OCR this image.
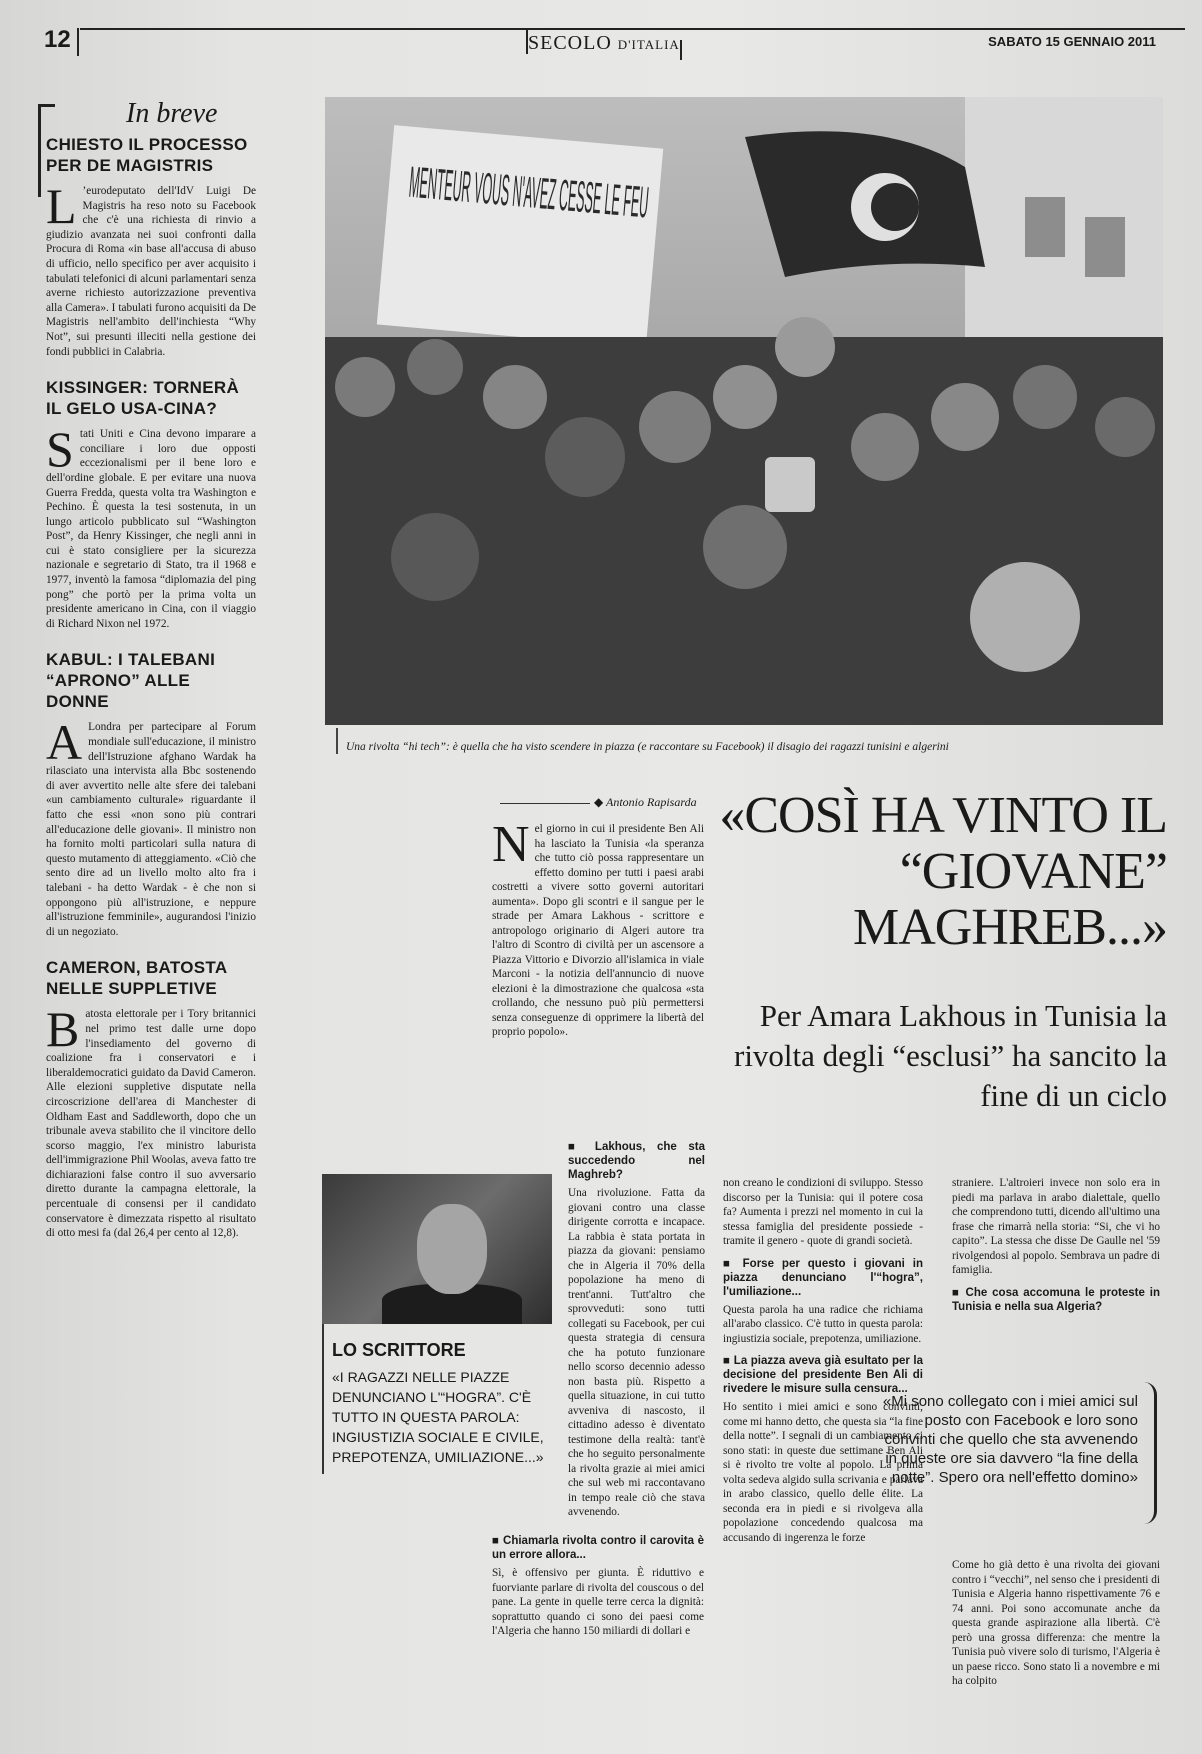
12	SECOLO D'ITALIA	SABATO 15 GENNAIO 2011
In breve
CHIESTO IL PROCESSO PER DE MAGISTRIS

L ’eurodeputato dell'IdV Luigi De Magistris ha reso noto su Facebook che c'è una richiesta di rinvio a giudizio avanzata nei suoi confronti dalla Procura di Roma «in base all'accusa di abuso di ufficio, nello specifico per aver acquisito i tabulati telefonici di alcuni parlamentari senza averne richiesto autorizzazione preventiva alla Camera». I tabulati furono acquisiti da De Magistris nell'ambito dell'inchiesta “Why Not”, sui presunti illeciti nella gestione dei fondi pubblici in Calabria.

KISSINGER: TORNERÀ IL GELO USA-CINA?

Stati Uniti e Cina devono imparare a conciliare i loro due opposti eccezionalismi per il bene loro e dell'ordine globale. E per evitare una nuova Guerra Fredda, questa volta tra Washington e Pechino. È questa la tesi sostenuta, in un lungo articolo pubblicato sul “Washington Post”, da Henry Kissinger, che negli anni in cui è stato consigliere per la sicurezza nazionale e segretario di Stato, tra il 1968 e 1977, inventò la famosa “diplomazia del ping pong” che portò per la prima volta un presidente americano in Cina, con il viaggio di Richard Nixon nel 1972.

KABUL: I TALEBANI “APRONO” ALLE DONNE

A Londra per partecipare al Forum mondiale sull'educazione, il ministro dell'Istruzione afghano Wardak ha rilasciato una intervista alla Bbc sostenendo di aver avvertito nelle alte sfere dei talebani «un cambiamento culturale» riguardante il fatto che essi «non sono più contrari all'educazione delle giovani». Il ministro non ha fornito molti particolari sulla natura di questo mutamento di atteggiamento. «Ciò che sento dire ad un livello molto alto fra i talebani - ha detto Wardak - è che non si oppongono più all'istruzione, e neppure all'istruzione femminile», augurandosi l'inizio di un negoziato.

CAMERON, BATOSTA NELLE SUPPLETIVE

Batosta elettorale per i Tory britannici nel primo test dalle urne dopo l'insediamento del governo di coalizione fra i conservatori e i liberaldemocratici guidato da David Cameron. Alle elezioni suppletive disputate nella circoscrizione dell'area di Manchester di Oldham East and Saddleworth, dopo che un tribunale aveva stabilito che il vincitore dello scorso maggio, l'ex ministro laburista dell'immigrazione Phil Woolas, aveva fatto tre dichiarazioni false contro il suo avversario diretto durante la campagna elettorale, la percentuale di consensi per il candidato conservatore è dimezzata rispetto al risultato di otto mesi fa (dal 26,4 per cento al 12,8).

Una rivolta “hi tech”: è quella che ha visto scendere in piazza (e raccontare su Facebook) il disagio dei ragazzi tunisini e algerini
◆ Antonio Rapisarda «COSÌ HA VINTO IL “GIOVANE” MAGHREB...»
Per Amara Lakhous in Tunisia la rivolta degli “esclusi” ha sancito la fine di un ciclo

Nel giorno in cui il presidente Ben Ali ha lasciato la Tunisia «la speranza che tutto ciò possa rappresentare un effetto domino per tutti i paesi arabi costretti a vivere sotto governi autoritari aumenta». Dopo gli scontri e il sangue per le strade per Amara Lakhous - scrittore e antropologo originario di Algeri autore tra l'altro di Scontro di civiltà per un ascensore a Piazza Vittorio e Divorzio all'islamica in viale Marconi - la notizia dell'annuncio di nuove elezioni è la dimostrazione che qualcosa «sta crollando, che nessuno può più permettersi senza conseguenze di opprimere la libertà del proprio popolo».

■ Lakhous, che sta succedendo nel Maghreb?

Una rivoluzione. Fatta da giovani contro una classe dirigente corrotta e incapace. La rabbia è stata portata in piazza da giovani: pensiamo che in Algeria il 70% della popolazione ha meno di trent'anni. Tutt'altro che sprovveduti: sono tutti collegati su Facebook, per cui questa strategia di censura che ha potuto funzionare nello scorso decennio adesso non basta più. Rispetto a quella situazione, in cui tutto avveniva di nascosto, il cittadino adesso è diventato testimone della realtà: tant'è che ho seguito personalmente la rivolta grazie ai miei amici che sul web mi raccontavano in tempo reale ciò che stava avvenendo.

■ Chiamarla rivolta contro il carovita è un errore allora...

Sì, è offensivo per giunta. È riduttivo e fuorviante parlare di rivolta del couscous o del pane. La gente in quelle terre cerca la dignità: soprattutto quando ci sono dei paesi come l'Algeria che hanno 150 miliardi di dollari e

LO SCRITTORE
«I RAGAZZI NELLE PIAZZE DENUNCIANO L'“HOGRA”. C'È TUTTO IN QUESTA PAROLA: INGIUSTIZIA SOCIALE E CIVILE, PREPOTENZA, UMILIAZIONE...»

non creano le condizioni di sviluppo. Stesso discorso per la Tunisia: qui il potere cosa fa? Aumenta i prezzi nel momento in cui la stessa famiglia del presidente possiede - tramite il genero - quote di grandi società.

■ Forse per questo i giovani in piazza denunciano l'“hogra”, l'umiliazione...

Questa parola ha una radice che richiama all'arabo classico. C'è tutto in questa parola: ingiustizia sociale, prepotenza, umiliazione.

■ La piazza aveva già esultato per la decisione del presidente Ben Ali di rivedere le misure sulla censura...

Ho sentito i miei amici e sono convinti, come mi hanno detto, che questa sia “la fine della notte”. I segnali di un cambiamento ci sono stati: in queste due settimane Ben Ali si è rivolto tre volte al popolo. La prima volta sedeva algido sulla scrivania e parlava in arabo classico, quello delle élite. La seconda era in piedi e si rivolgeva alla popolazione concedendo qualcosa ma accusando di ingerenza le forze

straniere. L'altroieri invece non solo era in piedi ma parlava in arabo dialettale, quello che comprendono tutti, dicendo all'ultimo una frase che rimarrà nella storia: “Si, che vi ho capito”. La stessa che disse De Gaulle nel '59 rivolgendosi al popolo. Sembrava un padre di famiglia.

■ Che cosa accomuna le proteste in Tunisia e nella sua Algeria?
«Mi sono collegato con i miei amici sul posto con Facebook e loro sono convinti che quello che sta avvenendo in queste ore sia davvero “la fine della notte”. Spero ora nell'effetto domino»

Come ho già detto è una rivolta dei giovani contro i “vecchi”, nel senso che i presidenti di Tunisia e Algeria hanno rispettivamente 76 e 74 anni. Poi sono accomunate anche da questa grande aspirazione alla libertà. C'è però una grossa differenza: che mentre la Tunisia può vivere solo di turismo, l'Algeria è un paese ricco. Sono stato lì a novembre e mi ha colpito
